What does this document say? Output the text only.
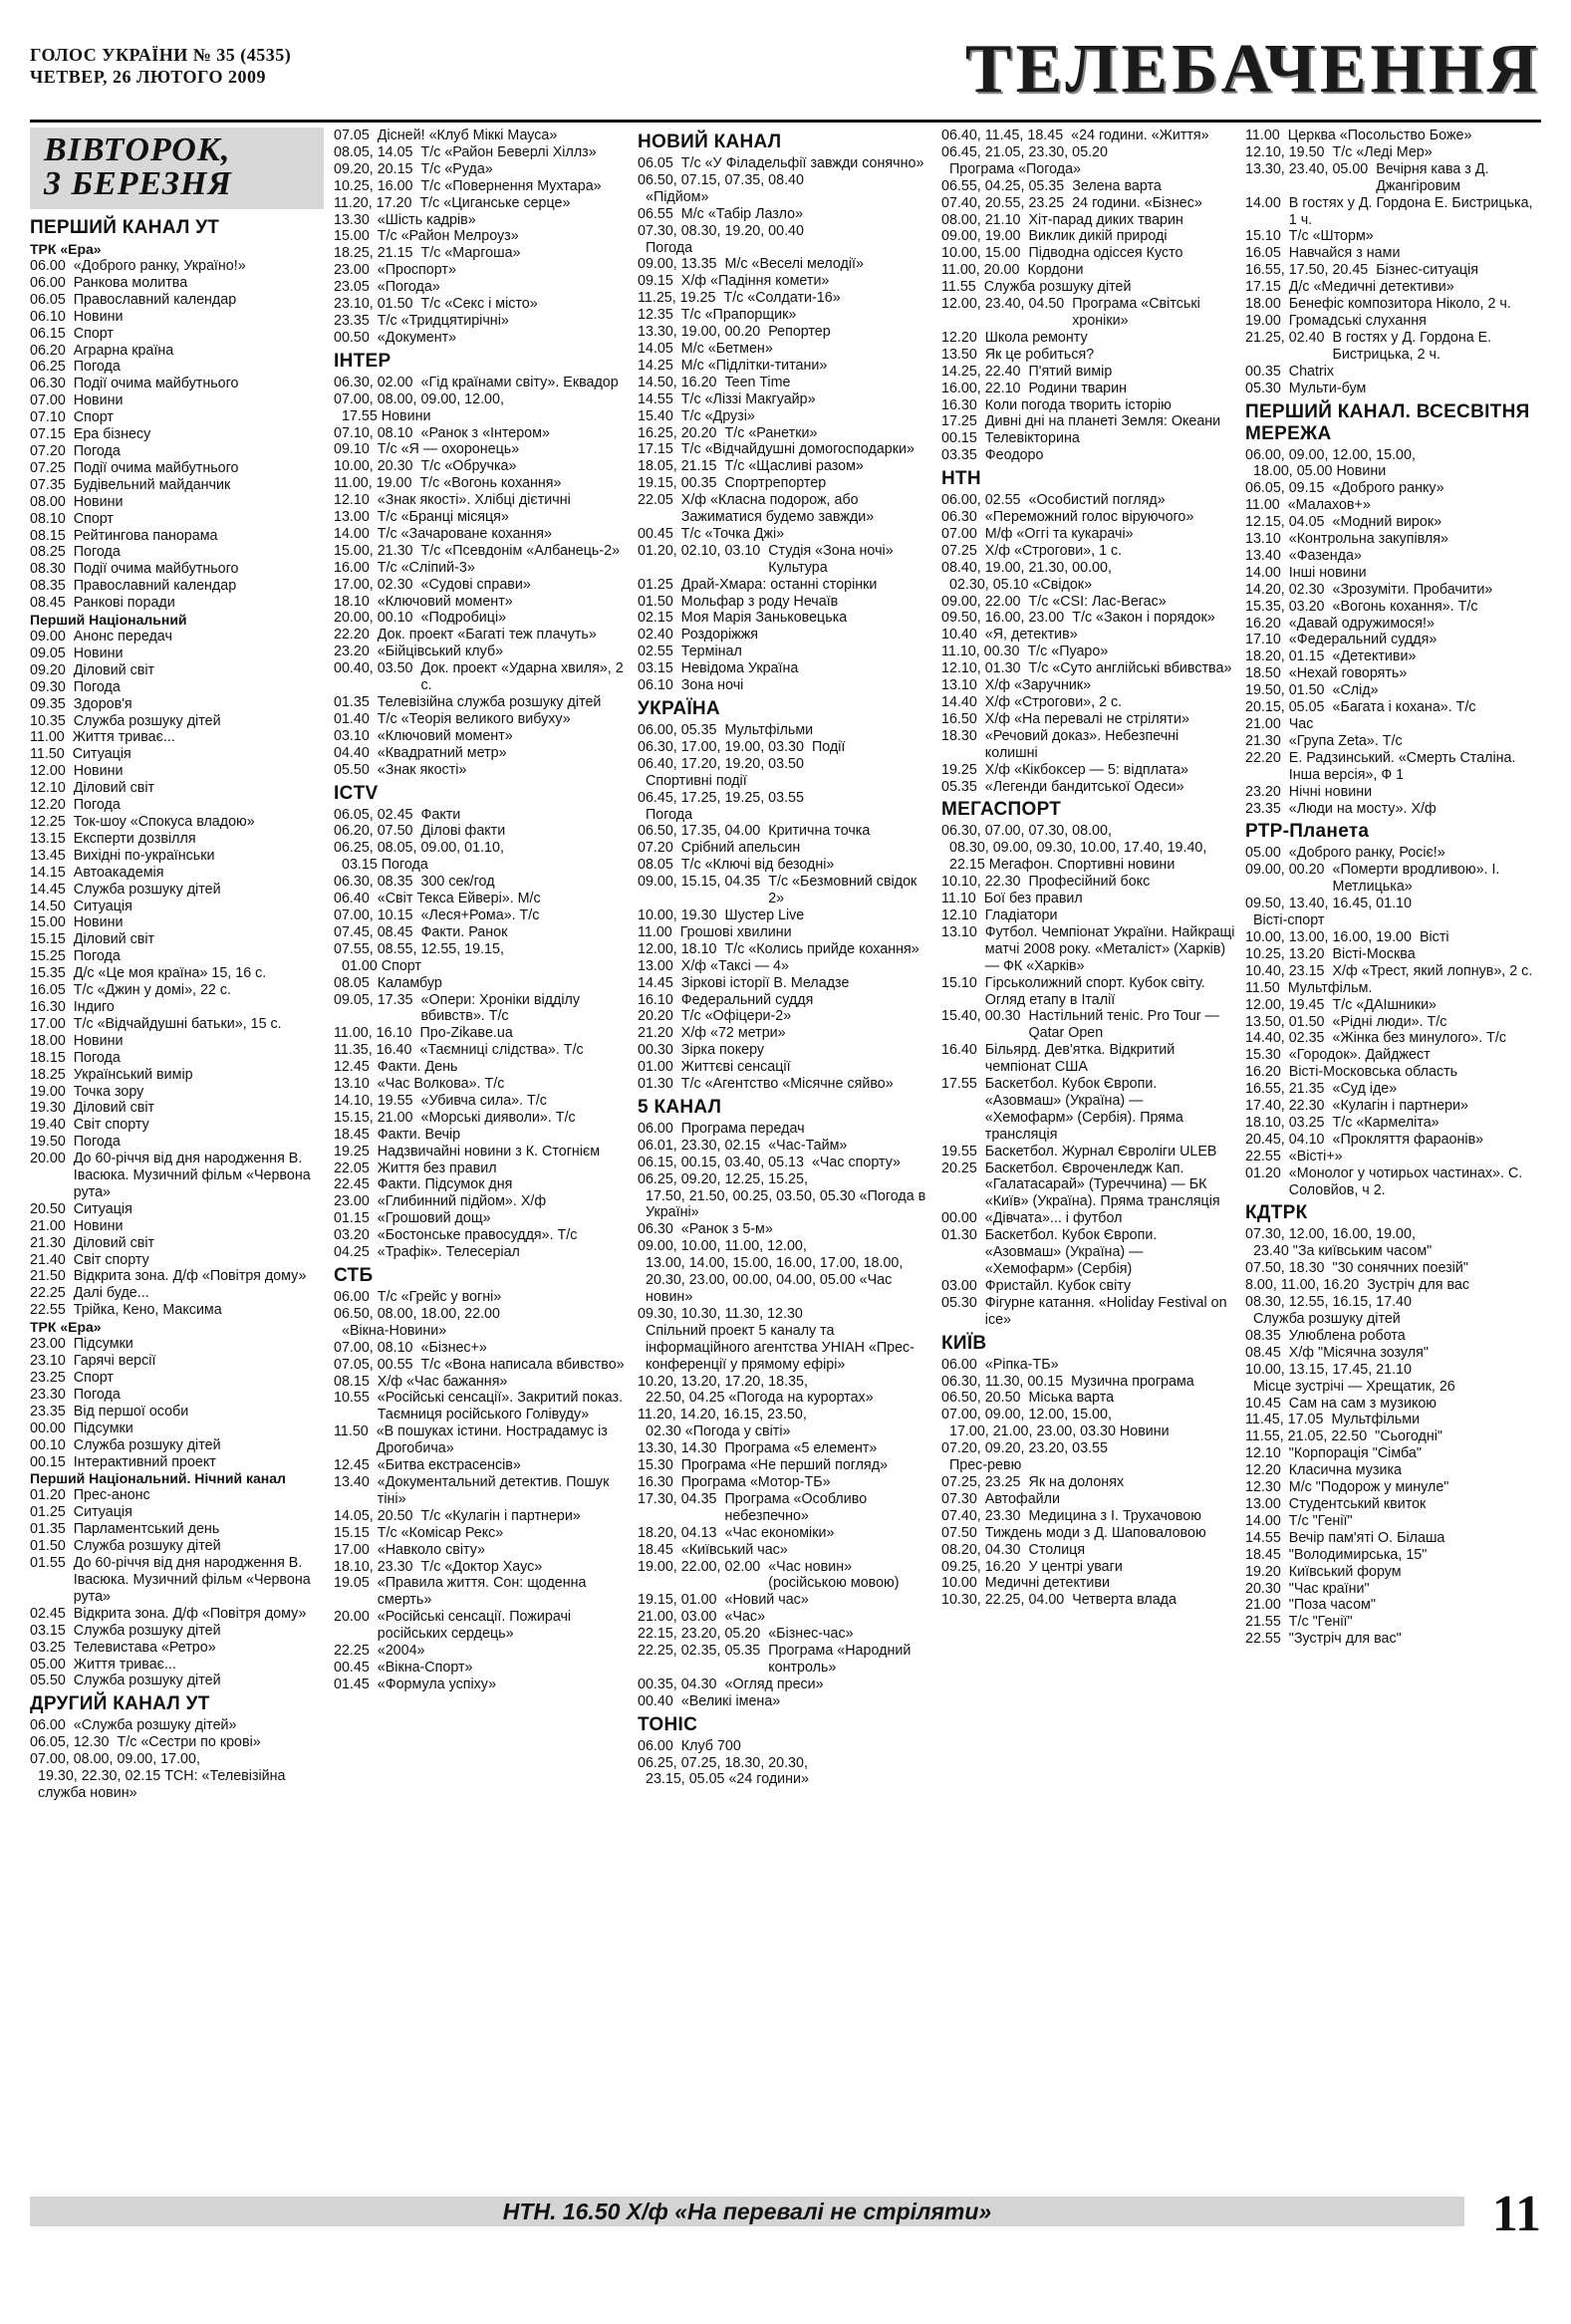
ГОЛОС УКРАЇНИ № 35 (4535)
ЧЕТВЕР, 26 ЛЮТОГО 2009	ТЕЛЕБАЧЕННЯ
ВІВТОРОК,
3 БЕРЕЗНЯ
ПЕРШИЙ КАНАЛ УТ
ТРК «Ера»
06.00 «Доброго ранку, Україно!»
06.00 Ранкова молитва
06.05 Православний календар
06.10 Новини
06.15 Спорт
06.20 Аграрна країна
06.25 Погода
06.30 Події очима майбутнього
07.00 Новини
07.10 Спорт
07.15 Ера бізнесу
07.20 Погода
07.25 Події очима майбутнього
07.35 Будівельний майданчик
08.00 Новини
08.10 Спорт
08.15 Рейтингова панорама
08.25 Погода
08.30 Події очима майбутнього
08.35 Православний календар
08.45 Ранкові поради
Перший Національний
09.00 Анонс передач
09.05 Новини
09.20 Діловий світ
09.30 Погода
09.35 Здоров'я
10.35 Служба розшуку дітей
11.00 Життя триває...
11.50 Ситуація
12.00 Новини
12.10 Діловий світ
12.20 Погода
12.25 Ток-шоу «Спокуса владою»
13.15 Експерти дозвілля
13.45 Вихідні по-українськи
14.15 Автоакадемія
14.45 Служба розшуку дітей
14.50 Ситуація
15.00 Новини
15.15 Діловий світ
15.25 Погода
15.35 Д/с «Це моя країна» 15, 16 с.
16.05 Т/с «Джин у домі», 22 с.
16.30 Індиго
17.00 Т/с «Відчайдушні батьки», 15 с.
18.00 Новини
18.15 Погода
18.25 Український вимір
19.00 Точка зору
19.30 Діловий світ
19.40 Світ спорту
19.50 Погода
20.00 До 60-річчя від дня народження В. Івасюка. Музичний фільм «Червона рута»
20.50 Ситуація
21.00 Новини
21.30 Діловий світ
21.40 Світ спорту
21.50 Відкрита зона. Д/ф «Повітря дому»
22.25 Далі буде...
22.55 Трійка, Кено, Максима
ТРК «Ера»
23.00 Підсумки
23.10 Гарячі версії
23.25 Спорт
23.30 Погода
23.35 Від першої особи
00.00 Підсумки
00.10 Служба розшуку дітей
00.15 Інтерактивний проект
Перший Національний. Нічний канал
01.20 Прес-анонс
01.25 Ситуація
01.35 Парламентський день
01.50 Служба розшуку дітей
01.55 До 60-річчя від дня народження В. Івасюка. Музичний фільм «Червона рута»
02.45 Відкрита зона. Д/ф «Повітря дому»
03.15 Служба розшуку дітей
03.25 Телевистава «Ретро»
05.00 Життя триває...
05.50 Служба розшуку дітей
ДРУГИЙ КАНАЛ УТ
06.00 «Служба розшуку дітей»
06.05, 12.30 Т/с «Сестри по крові»
07.00, 08.00, 09.00, 17.00,
19.30, 22.30, 02.15 ТСН: «Телевізійна служба новин»
07.05 Дісней! «Клуб Міккі Мауса»
08.05, 14.05 Т/с «Район Беверлі Хіллз»
09.20, 20.15 Т/с «Руда»
10.25, 16.00 Т/с «Повернення Мухтара»
11.20, 17.20 Т/с «Циганське серце»
13.30 «Шість кадрів»
15.00 Т/с «Район Мелроуз»
18.25, 21.15 Т/с «Маргоша»
23.00 «Проспорт»
23.05 «Погода»
23.10, 01.50 Т/с «Секс і місто»
23.35 Т/с «Тридцятирічні»
00.50 «Документ»
ІНТЕР
06.30, 02.00 «Гід країнами світу». Еквадор
07.00, 08.00, 09.00, 12.00,
17.55 Новини
07.10, 08.10 «Ранок з «Інтером»
09.10 Т/с «Я — охоронець»
10.00, 20.30 Т/с «Обручка»
11.00, 19.00 Т/с «Вогонь кохання»
12.10 «Знак якості». Хлібці дієтичні
13.00 Т/с «Бранці місяця»
14.00 Т/с «Зачароване кохання»
15.00, 21.30 Т/с «Псевдонім «Албанець-2»
16.00 Т/с «Сліпий-3»
17.00, 02.30 «Судові справи»
18.10 «Ключовий момент»
20.00, 00.10 «Подробиці»
22.20 Док. проект «Багаті теж плачуть»
23.20 «Бійцівський клуб»
00.40, 03.50 Док. проект «Ударна хвиля», 2 с.
01.35 Телевізійна служба розшуку дітей
01.40 Т/с «Теорія великого вибуху»
03.10 «Ключовий момент»
04.40 «Квадратний метр»
05.50 «Знак якості»
ICTV
06.05, 02.45 Факти
06.20, 07.50 Ділові факти
06.25, 08.05, 09.00, 01.10,
03.15 Погода
06.30, 08.35 300 сек/год
06.40 «Світ Текса Ейвері». М/с
07.00, 10.15 «Леся+Рома». Т/с
07.45, 08.45 Факти. Ранок
07.55, 08.55, 12.55, 19.15,
01.00 Спорт
08.05 Каламбур
09.05, 17.35 «Опери: Хроніки відділу вбивств». Т/с
11.00, 16.10 Про-Zikaвe.ua
11.35, 16.40 «Таємниці слідства». Т/с
12.45 Факти. День
13.10 «Час Волкова». Т/с
14.10, 19.55 «Убивча сила». Т/с
15.15, 21.00 «Морські дияволи». Т/с
18.45 Факти. Вечір
19.25 Надзвичайні новини з К. Стогнієм
22.05 Життя без правил
22.45 Факти. Підсумок дня
23.00 «Глибинний підйом». Х/ф
01.15 «Грошовий дощ»
03.20 «Бостонське правосуддя». Т/с
04.25 «Трафік». Телесеріал
СТБ
06.00 Т/с «Грейс у вогні»
06.50, 08.00, 18.00, 22.00
«Вікна-Новини»
07.00, 08.10 «Бізнес+»
07.05, 00.55 Т/с «Вона написала вбивство»
08.15 Х/ф «Час бажання»
10.55 «Російські сенсації». Закритий показ. Таємниця російського Голівуду»
11.50 «В пошуках істини. Нострадамус із Дрогобича»
12.45 «Битва екстрасенсів»
13.40 «Документальний детектив. Пошук тіні»
14.05, 20.50 Т/с «Кулагін і партнери»
15.15 Т/с «Комісар Рекс»
17.00 «Навколо світу»
18.10, 23.30 Т/с «Доктор Хаус»
19.05 «Правила життя. Сон: щоденна смерть»
20.00 «Російські сенсації. Пожирачі російських сердець»
22.25 «2004»
00.45 «Вікна-Спорт»
01.45 «Формула успіху»
НОВИЙ КАНАЛ
06.05 Т/с «У Філадельфії завжди сонячно»
06.50, 07.15, 07.35, 08.40
«Підйом»
06.55 М/с «Табір Лазло»
07.30, 08.30, 19.20, 00.40
Погода
09.00, 13.35 М/с «Веселі мелодії»
09.15 Х/ф «Падіння комети»
11.25, 19.25 Т/с «Солдати-16»
12.35 Т/с «Прапорщик»
13.30, 19.00, 00.20 Репортер
14.05 М/с «Бетмен»
14.25 М/с «Підлітки-титани»
14.50, 16.20 Teen Time
14.55 Т/с «Ліззі Макгуайр»
15.40 Т/с «Друзі»
16.25, 20.20 Т/с «Ранетки»
17.15 Т/с «Відчайдушні домогосподарки»
18.05, 21.15 Т/с «Щасливі разом»
19.15, 00.35 Спортрепортер
22.05 Х/ф «Класна подорож, або Зажиматися будемо завжди»
00.45 Т/с «Точка Джі»
01.20, 02.10, 03.10 Студія «Зона ночі» Культура
01.25 Драй-Хмара: останні сторінки
01.50 Мольфар з роду Нечаїв
02.15 Моя Марія Заньковецька
02.40 Роздоріжжя
02.55 Термінал
03.15 Невідома Україна
06.10 Зона ночі
УКРАЇНА
06.00, 05.35 Мультфільми
06.30, 17.00, 19.00, 03.30 Події
06.40, 17.20, 19.20, 03.50
Спортивні події
06.45, 17.25, 19.25, 03.55
Погода
06.50, 17.35, 04.00 Критична точка
07.20 Срібний апельсин
08.05 Т/с «Ключі від безодні»
09.00, 15.15, 04.35 Т/с «Безмовний свідок 2»
10.00, 19.30 Шустер Live
11.00 Грошові хвилини
12.00, 18.10 Т/с «Колись прийде кохання»
13.00 Х/ф «Таксі — 4»
14.45 Зіркові історії В. Меладзе
16.10 Федеральний суддя
20.20 Т/с «Офіцери-2»
21.20 Х/ф «72 метри»
00.30 Зірка покеру
01.00 Життєві сенсації
01.30 Т/с «Агентство «Місячне сяйво»
5 КАНАЛ
06.00 Програма передач
06.01, 23.30, 02.15 «Час-Тайм»
06.15, 00.15, 03.40, 05.13 «Час спорту»
06.25, 09.20, 12.25, 15.25,
17.50, 21.50, 00.25, 03.50, 05.30 «Погода в Україні»
06.30 «Ранок з 5-м»
09.00, 10.00, 11.00, 12.00,
13.00, 14.00, 15.00, 16.00, 17.00, 18.00, 20.30, 23.00, 00.00, 04.00, 05.00 «Час новин»
09.30, 10.30, 11.30, 12.30
Спільний проект 5 каналу та інформаційного агентства УНІАН «Прес-конференції у прямому ефірі»
10.20, 13.20, 17.20, 18.35,
22.50, 04.25 «Погода на курортах»
11.20, 14.20, 16.15, 23.50,
02.30 «Погода у світі»
13.30, 14.30 Програма «5 елемент»
15.30 Програма «Не перший погляд»
16.30 Програма «Мотор-ТБ»
17.30, 04.35 Програма «Особливо небезпечно»
18.20, 04.13 «Час економіки»
18.45 «Київський час»
19.00, 22.00, 02.00 «Час новин» (російською мовою)
19.15, 01.00 «Новий час»
21.00, 03.00 «Час»
22.15, 23.20, 05.20 «Бізнес-час»
22.25, 02.35, 05.35 Програма «Народний контроль»
00.35, 04.30 «Огляд преси»
00.40 «Великі імена»
ТОНІС
06.00 Клуб 700
06.25, 07.25, 18.30, 20.30,
23.15, 05.05 «24 години»
06.40, 11.45, 18.45 «24 години. «Життя»
06.45, 21.05, 23.30, 05.20
Програма «Погода»
06.55, 04.25, 05.35 Зелена варта
07.40, 20.55, 23.25 24 години. «Бізнес»
08.00, 21.10 Хіт-парад диких тварин
09.00, 19.00 Виклик дикій природі
10.00, 15.00 Підводна одіссея Кусто
11.00, 20.00 Кордони
11.55 Служба розшуку дітей
12.00, 23.40, 04.50 Програма «Світські хроніки»
12.20 Школа ремонту
13.50 Як це робиться?
14.25, 22.40 П'ятий вимір
16.00, 22.10 Родини тварин
16.30 Коли погода творить історію
17.25 Дивні дні на планеті Земля: Океани
00.15 Телевікторина
03.35 Феодоро
НТН
06.00, 02.55 «Особистий погляд»
06.30 «Переможний голос віруючого»
07.00 М/ф «Оггі та кукарачі»
07.25 Х/ф «Строгови», 1 с.
08.40, 19.00, 21.30, 00.00,
02.30, 05.10 «Свідок»
09.00, 22.00 Т/с «CSI: Лас-Вегас»
09.50, 16.00, 23.00 Т/с «Закон і порядок»
10.40 «Я, детектив»
11.10, 00.30 Т/с «Пуаро»
12.10, 01.30 Т/с «Суто англійські вбивства»
13.10 Х/ф «Заручник»
14.40 Х/ф «Строгови», 2 с.
16.50 Х/ф «На перевалі не стріляти»
18.30 «Речовий доказ». Небезпечні колишні
19.25 Х/ф «Кікбоксер — 5: відплата»
05.35 «Легенди бандитської Одеси»
МЕГАСПОРТ
06.30, 07.00, 07.30, 08.00,
08.30, 09.00, 09.30, 10.00, 17.40, 19.40, 22.15 Мегафон. Спортивні новини
10.10, 22.30 Професійний бокс
11.10 Бої без правил
12.10 Гладіатори
13.10 Футбол. Чемпіонат України. Найкращі матчі 2008 року. «Металіст» (Харків) — ФК «Харків»
15.10 Гірськолижний спорт. Кубок світу. Огляд етапу в Італії
15.40, 00.30 Настільний теніс. Pro Tour — Qatar Open
16.40 Більярд. Дев'ятка. Відкритий чемпіонат США
17.55 Баскетбол. Кубок Європи. «Азовмаш» (Україна) — «Хемофарм» (Сербія). Пряма трансляція
19.55 Баскетбол. Журнал Євроліги ULEB
20.25 Баскетбол. Євроченледж Кап. «Галатасарай» (Туреччина) — БК «Київ» (Україна). Пряма трансляція
00.00 «Дівчата»... і футбол
01.30 Баскетбол. Кубок Європи. «Азовмаш» (Україна) — «Хемофарм» (Сербія)
03.00 Фристайл. Кубок світу
05.30 Фігурне катання. «Holiday Festival on ice»
КИЇВ
06.00 «Ріпка-ТБ»
06.30, 11.30, 00.15 Музична програма
06.50, 20.50 Міська варта
07.00, 09.00, 12.00, 15.00,
17.00, 21.00, 23.00, 03.30 Новини
07.20, 09.20, 23.20, 03.55
Прес-ревю
07.25, 23.25 Як на долонях
07.30 Автофайли
07.40, 23.30 Медицина з І. Трухачовою
07.50 Тиждень моди з Д. Шаповаловою
08.20, 04.30 Столиця
09.25, 16.20 У центрі уваги
10.00 Медичні детективи
10.30, 22.25, 04.00 Четверта влада
11.00 Церква «Посольство Боже»
12.10, 19.50 Т/с «Леді Мер»
13.30, 23.40, 05.00 Вечірня кава з Д. Джангіровим
14.00 В гостях у Д. Гордона Е. Бистрицька, 1 ч.
15.10 Т/с «Шторм»
16.05 Навчайся з нами
16.55, 17.50, 20.45 Бізнес-ситуація
17.15 Д/с «Медичні детективи»
18.00 Бенефіс композитора Ніколо, 2 ч.
19.00 Громадські слухання
21.25, 02.40 В гостях у Д. Гордона Е. Бистрицька, 2 ч.
00.35 Chatrix
05.30 Мульти-бум
ПЕРШИЙ КАНАЛ. ВСЕСВІТНЯ МЕРЕЖА
06.00, 09.00, 12.00, 15.00,
18.00, 05.00 Новини
06.05, 09.15 «Доброго ранку»
11.00 «Малахов+»
12.15, 04.05 «Модний вирок»
13.10 «Контрольна закупівля»
13.40 «Фазенда»
14.00 Інші новини
14.20, 02.30 «Зрозуміти. Пробачити»
15.35, 03.20 «Вогонь кохання». Т/с
16.20 «Давай одружимося!»
17.10 «Федеральний суддя»
18.20, 01.15 «Детективи»
18.50 «Нехай говорять»
19.50, 01.50 «Слід»
20.15, 05.05 «Багата і кохана». Т/с
21.00 Час
21.30 «Група Zeta». Т/с
22.20 Е. Радзинський. «Смерть Сталіна. Інша версія», Ф 1
23.20 Нічні новини
23.35 «Люди на мосту». Х/ф
РТР-Планета
05.00 «Доброго ранку, Росіє!»
09.00, 00.20 «Померти вродливою». І. Метлицька»
09.50, 13.40, 16.45, 01.10
Вісті-спорт
10.00, 13.00, 16.00, 19.00 Вісті
10.25, 13.20 Вісті-Москва
10.40, 23.15 Х/ф «Трест, який лопнув», 2 с.
11.50 Мультфільм.
12.00, 19.45 Т/с «ДАІшники»
13.50, 01.50 «Рідні люди». Т/с
14.40, 02.35 «Жінка без минулого». Т/с
15.30 «Городок». Дайджест
16.20 Вісті-Московська область
16.55, 21.35 «Суд іде»
17.40, 22.30 «Кулагін і партнери»
18.10, 03.25 Т/с «Кармеліта»
20.45, 04.10 «Прокляття фараонів»
22.55 «Вісті+»
01.20 «Монолог у чотирьох частинах». С. Соловйов, ч 2.
КДТРК
07.30, 12.00, 16.00, 19.00,
23.40 "За київським часом"
07.50, 18.30 "30 сонячних поезій"
8.00, 11.00, 16.20 Зустріч для вас
08.30, 12.55, 16.15, 17.40
Служба розшуку дітей
08.35 Улюблена робота
08.45 Х/ф "Місячна зозуля"
10.00, 13.15, 17.45, 21.10
Місце зустрічі — Хрещатик, 26
10.45 Сам на сам з музикою
11.45, 17.05 Мультфільми
11.55, 21.05, 22.50 "Сьогодні"
12.10 "Корпорація "Сімба"
12.20 Класична музика
12.30 М/с "Подорож у минуле"
13.00 Студентський квиток
14.00 Т/с "Генії"
14.55 Вечір пам'яті О. Білаша
18.45 "Володимирська, 15"
19.20 Київський форум
20.30 "Час країни"
21.00 "Поза часом"
21.55 Т/с "Генії"
22.55 "Зустріч для вас"
НТН. 16.50 Х/ф «На перевалі не стріляти»	11
